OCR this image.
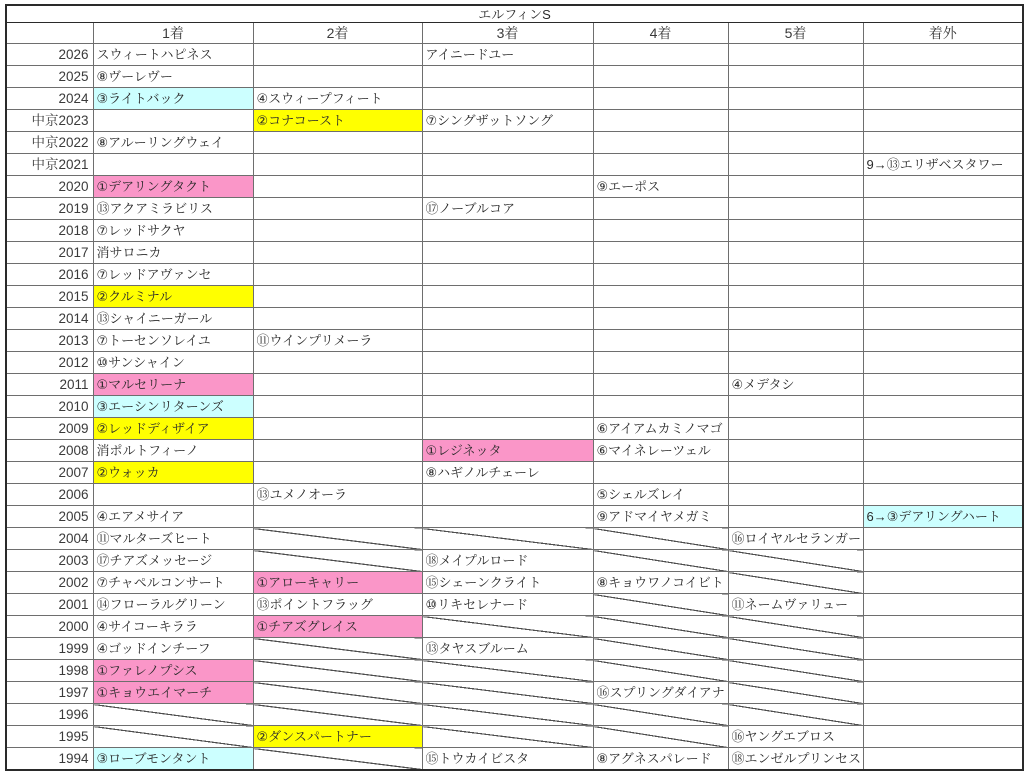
エルフィンS						
	1着	2着	3着	4着	5着	着外
2026	スウィートハピネス		アイニードユー			
2025	⑧ヴーレヴー					
2024	③ライトバック	④スウィープフィート				
中京2023		②コナコースト	⑦シングザットソング			
中京2022	⑧アルーリングウェイ					
中京2021						9→⑬エリザベスタワー
2020	①デアリングタクト			⑨エーポス		
2019	⑬アクアミラビリス		⑰ノーブルコア			
2018	⑦レッドサクヤ					
2017	消サロニカ					
2016	⑦レッドアヴァンセ					
2015	②クルミナル					
2014	⑬シャイニーガール					
2013	⑦トーセンソレイユ	⑪ウインプリメーラ				
2012	⑩サンシャイン					
2011	①マルセリーナ				④メデタシ	
2010	③エーシンリターンズ					
2009	②レッドディザイア			⑥アイアムカミノマゴ		
2008	消ポルトフィーノ		①レジネッタ	⑥マイネレーツェル		
2007	②ウォッカ		⑧ハギノルチェーレ			
2006		⑬ユメノオーラ		⑤シェルズレイ		
2005	④エアメサイア			⑨アドマイヤメガミ		6→③デアリングハート
2004	⑪マルターズヒート				⑯ロイヤルセランガー	
2003	⑰チアズメッセージ		⑱メイプルロード			
2002	⑦チャペルコンサート	①アローキャリー	⑮シェーンクライト	⑧キョウワノコイビト		
2001	⑭フローラルグリーン	⑬ポイントフラッグ	⑩リキセレナード		⑪ネームヴァリュー	
2000	④サイコーキララ	①チアズグレイス				
1999	④ゴッドインチーフ		⑬タヤスブルーム			
1998	①ファレノプシス					
1997	①キョウエイマーチ			⑯スプリングダイアナ		
1996						
1995		②ダンスパートナー			⑯ヤングエブロス	
1994	③ローブモンタント		⑮トウカイビスタ	⑧アグネスパレード	⑱エンゼルプリンセス	
